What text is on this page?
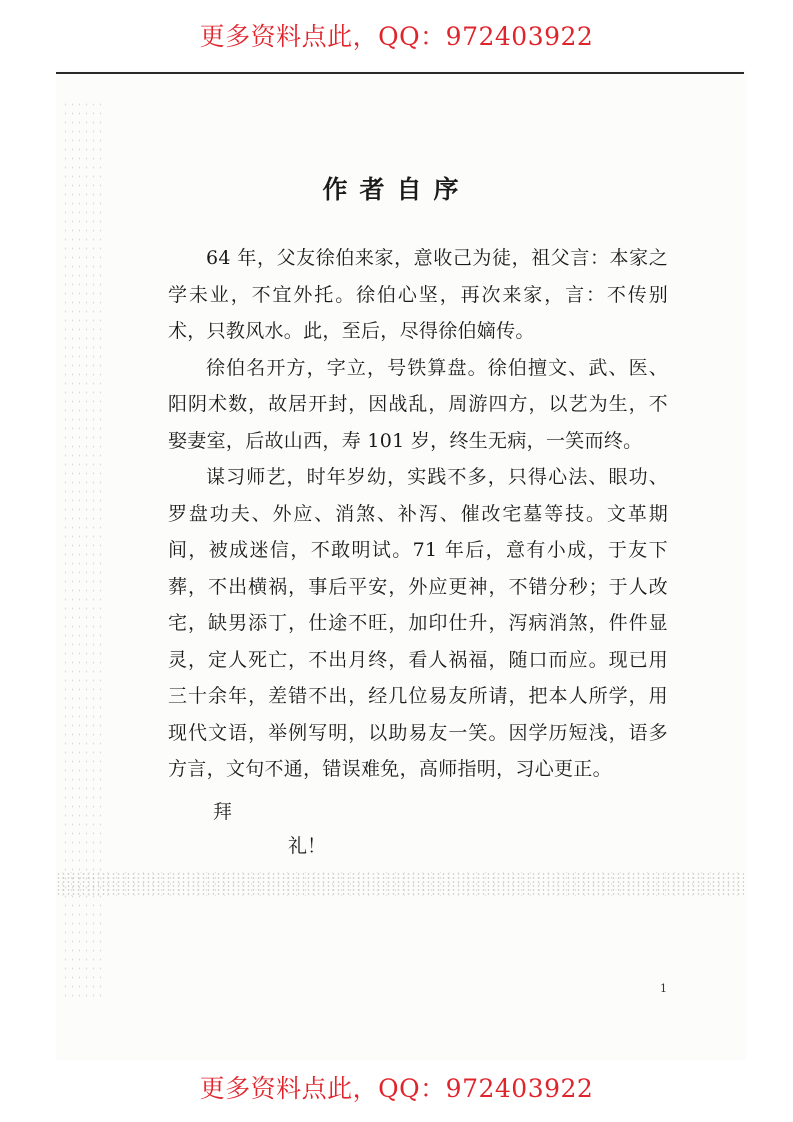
更多资料点此，QQ：972403922
作者自序

64 年，父友徐伯来家，意收己为徒，祖父言：本家之学未业，不宜外托。徐伯心坚，再次来家，言：不传别术，只教风水。此，至后，尽得徐伯嫡传。

徐伯名开方，字立，号铁算盘。徐伯擅文、武、医、阳阴术数，故居开封，因战乱，周游四方，以艺为生，不娶妻室，后故山西，寿 101 岁，终生无病，一笑而终。

谋习师艺，时年岁幼，实践不多，只得心法、眼功、罗盘功夫、外应、消煞、补泻、催改宅墓等技。文革期间，被成迷信，不敢明试。71 年后，意有小成，于友下葬，不出横祸，事后平安，外应更神，不错分秒；于人改宅，缺男添丁，仕途不旺，加印仕升，泻病消煞，件件显灵，定人死亡，不出月终，看人祸福，随口而应。现已用三十余年，差错不出，经几位易友所请，把本人所学，用现代文语，举例写明，以助易友一笑。因学历短浅，语多方言，文句不通，错误难免，高师指明，习心更正。

拜
礼！
1
更多资料点此，QQ：972403922
